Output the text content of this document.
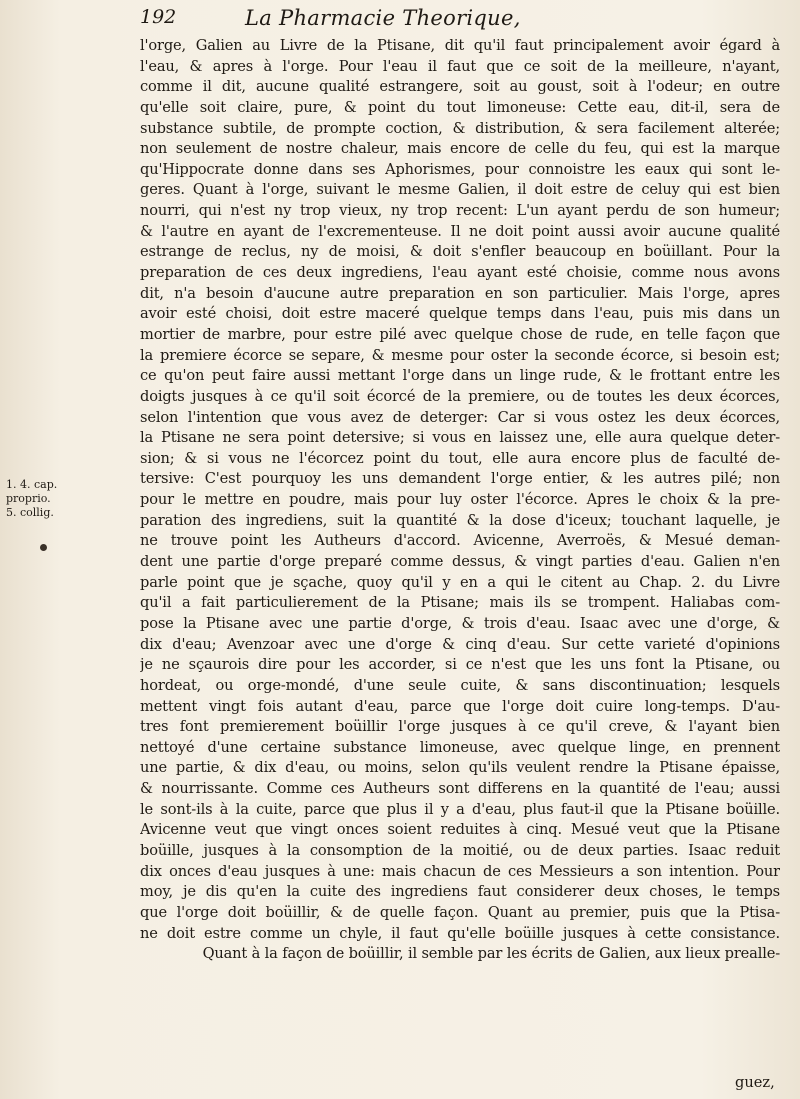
192	La Pharmacie Theorique,
1. 4. cap.
proprio.
5. collig.
l'orge, Galien au Livre de la Ptisane, dit qu'il faut principalement avoir égard à
l'eau, & apres à l'orge. Pour l'eau il faut que ce soit de la meilleure, n'ayant,
comme il dit, aucune qualité estrangere, soit au goust, soit à l'odeur; en outre
qu'elle soit claire, pure, & point du tout limoneuse: Cette eau, dit-il, sera de
substance subtile, de prompte coction, & distribution, & sera facilement alterée;
non seulement de nostre chaleur, mais encore de celle du feu, qui est la marque
qu'Hippocrate donne dans ses Aphorismes, pour connoistre les eaux qui sont le-
geres. Quant à l'orge, suivant le mesme Galien, il doit estre de celuy qui est bien
nourri, qui n'est ny trop vieux, ny trop recent: L'un ayant perdu de son humeur;
& l'autre en ayant de l'excrementeuse. Il ne doit point aussi avoir aucune qualité
estrange de reclus, ny de moisi, & doit s'enfler beaucoup en boüillant. Pour la
preparation de ces deux ingrediens, l'eau ayant esté choisie, comme nous avons
dit, n'a besoin d'aucune autre preparation en son particulier. Mais l'orge, apres
avoir esté choisi, doit estre maceré quelque temps dans l'eau, puis mis dans un
mortier de marbre, pour estre pilé avec quelque chose de rude, en telle façon que
la premiere écorce se separe, & mesme pour oster la seconde écorce, si besoin est;
ce qu'on peut faire aussi mettant l'orge dans un linge rude, & le frottant entre les
doigts jusques à ce qu'il soit écorcé de la premiere, ou de toutes les deux écorces,
selon l'intention que vous avez de deterger: Car si vous ostez les deux écorces,
la Ptisane ne sera point detersive; si vous en laissez une, elle aura quelque deter-
sion; & si vous ne l'écorcez point du tout, elle aura encore plus de faculté de-
tersive: C'est pourquoy les uns demandent l'orge entier, & les autres pilé; non
pour le mettre en poudre, mais pour luy oster l'écorce. Apres le choix & la pre-
paration des ingrediens, suit la quantité & la dose d'iceux; touchant laquelle, je
ne trouve point les Autheurs d'accord. Avicenne, Averroës, & Mesué deman-
dent une partie d'orge preparé comme dessus, & vingt parties d'eau. Galien n'en
parle point que je sçache, quoy qu'il y en a qui le citent au Chap. 2. du Livre
qu'il a fait particulierement de la Ptisane; mais ils se trompent. Haliabas com-
pose la Ptisane avec une partie d'orge, & trois d'eau. Isaac avec une d'orge, &
dix d'eau; Avenzoar avec une d'orge & cinq d'eau. Sur cette varieté d'opinions
je ne sçaurois dire pour les accorder, si ce n'est que les uns font la Ptisane, ou
hordeat, ou orge-mondé, d'une seule cuite, & sans discontinuation; lesquels
mettent vingt fois autant d'eau, parce que l'orge doit cuire long-temps. D'au-
tres font premierement boüillir l'orge jusques à ce qu'il creve, & l'ayant bien
nettoyé d'une certaine substance limoneuse, avec quelque linge, en prennent
une partie, & dix d'eau, ou moins, selon qu'ils veulent rendre la Ptisane épaisse,
& nourrissante. Comme ces Autheurs sont differens en la quantité de l'eau; aussi
le sont-ils à la cuite, parce que plus il y a d'eau, plus faut-il que la Ptisane boüille.
Avicenne veut que vingt onces soient reduites à cinq. Mesué veut que la Ptisane
boüille, jusques à la consomption de la moitié, ou de deux parties. Isaac reduit
dix onces d'eau jusques à une: mais chacun de ces Messieurs a son intention. Pour
moy, je dis qu'en la cuite des ingrediens faut considerer deux choses, le temps
que l'orge doit boüillir, & de quelle façon. Quant au premier, puis que la Ptisa-
ne doit estre comme un chyle, il faut qu'elle boüille jusques à cette consistance.
Quant à la façon de boüillir, il semble par les écrits de Galien, aux lieux prealle-
guez,
